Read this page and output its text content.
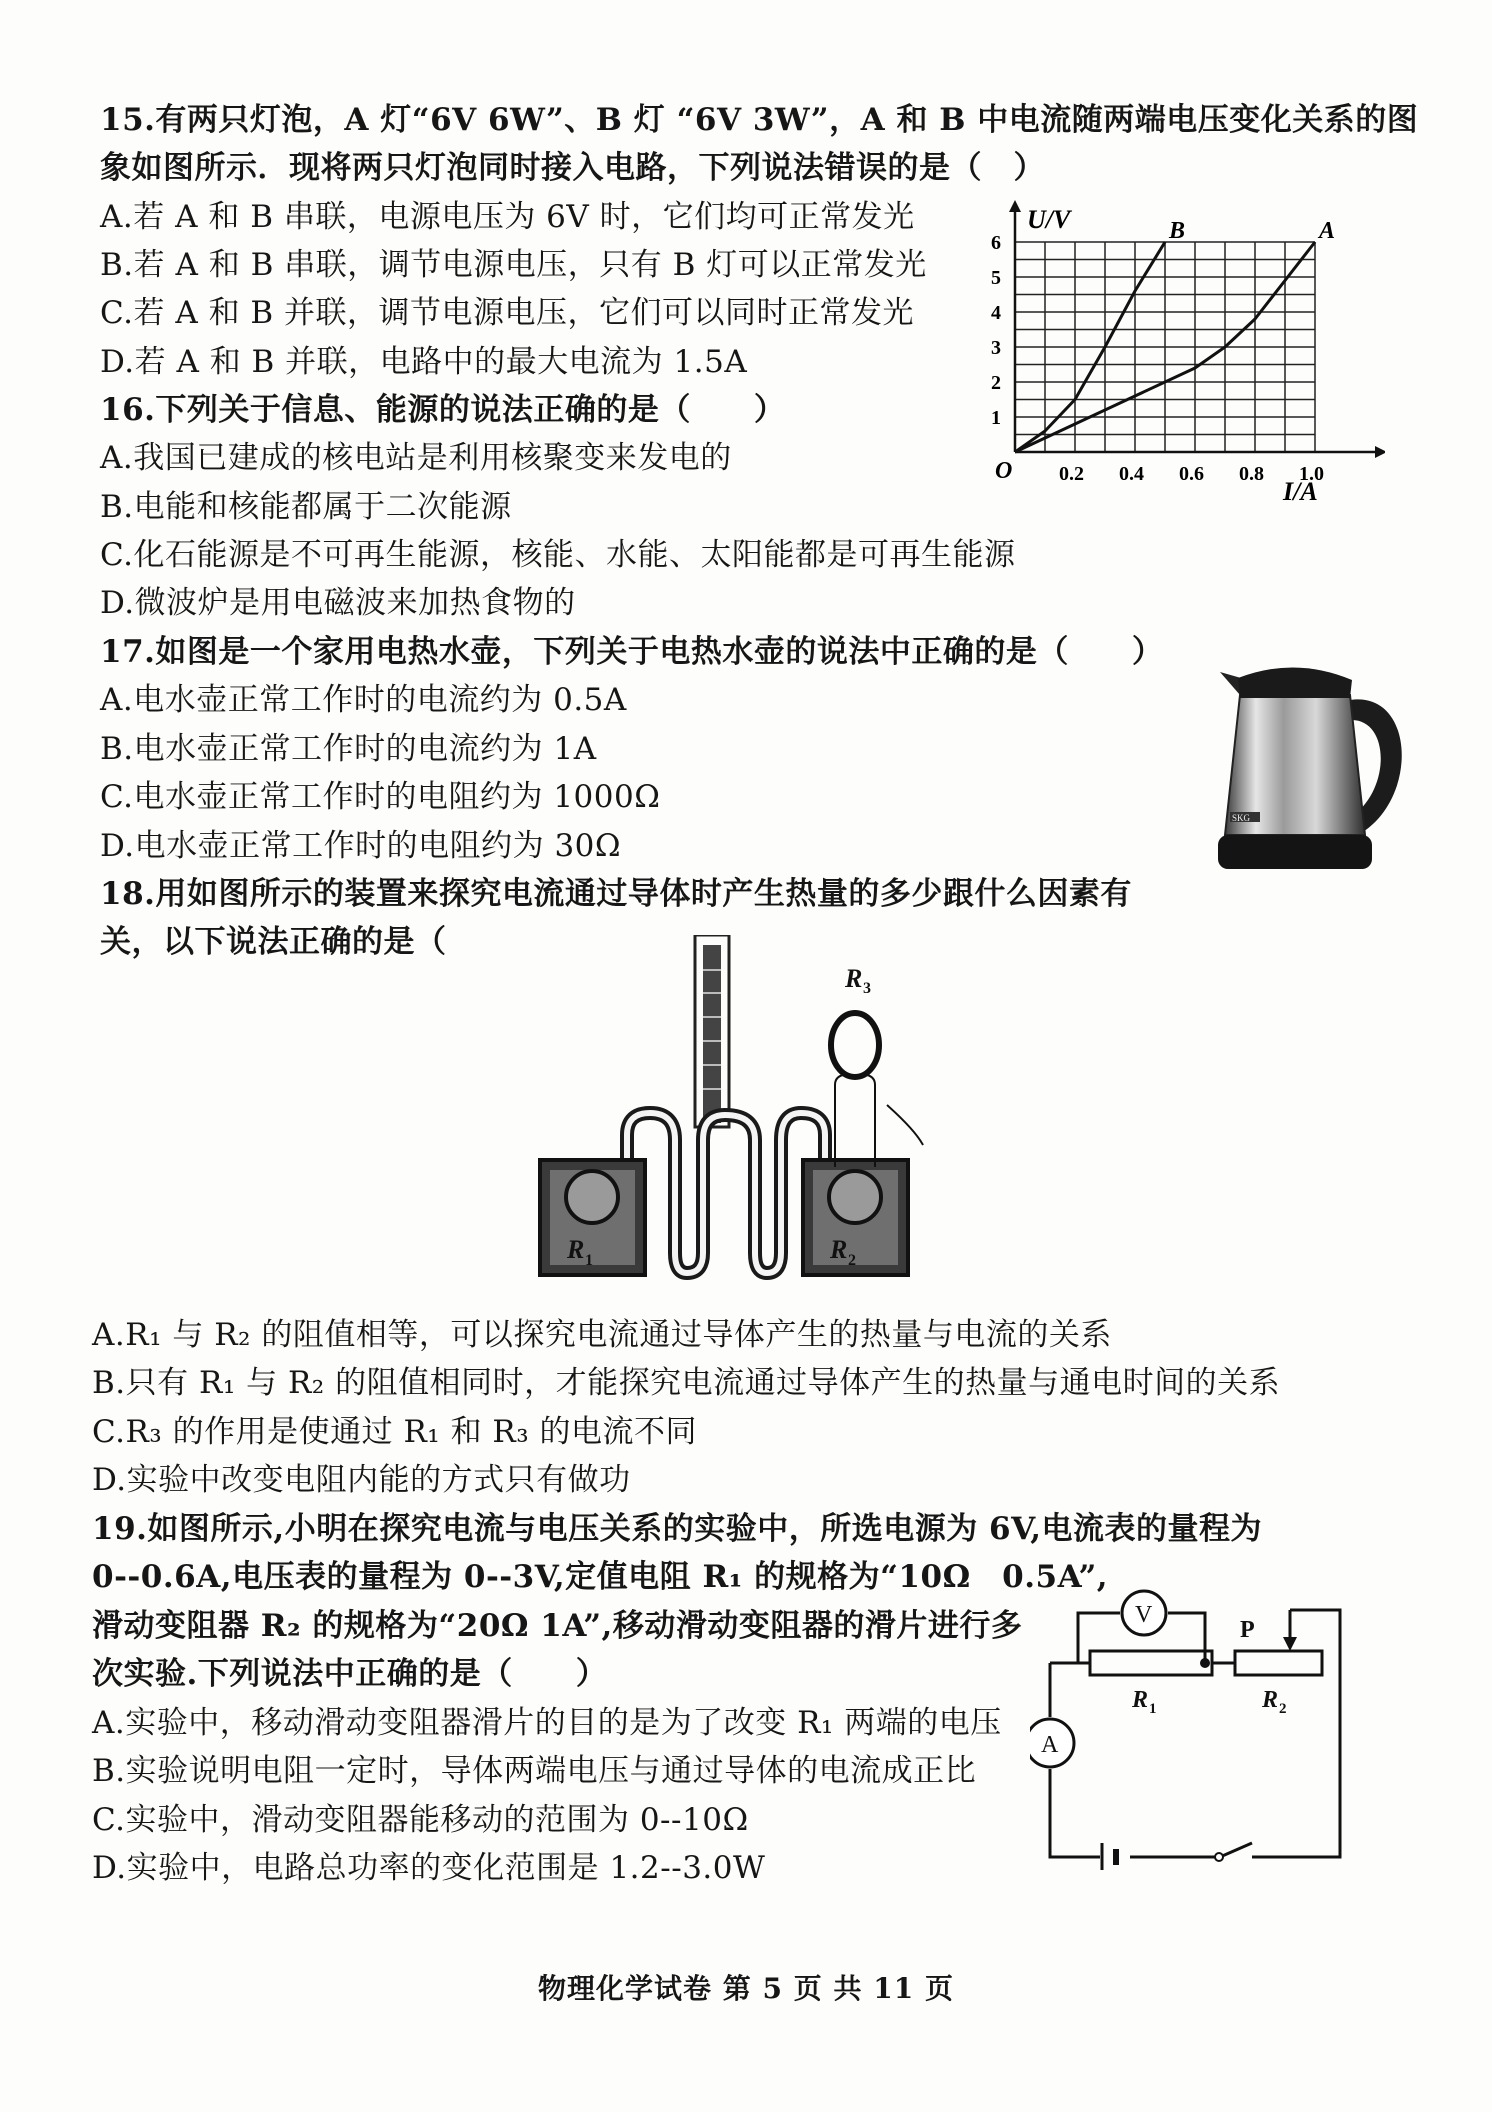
15.有两只灯泡，A 灯“6V 6W”、B 灯 “6V 3W”，A 和 B 中电流随两端电压变化关系的图
象如图所示．现将两只灯泡同时接入电路，下列说法错误的是（　）
A.若 A 和 B 串联，电源电压为 6V 时，它们均可正常发光
B.若 A 和 B 串联，调节电源电压，只有 B 灯可以正常发光
C.若 A 和 B 并联，调节电源电压，它们可以同时正常发光
D.若 A 和 B 并联，电路中的最大电流为 1.5A
U/V
I/A
O 0.2 0.4 0.6 0.8 1.0
1
2
3
4
5
6	B	A
16.下列关于信息、能源的说法正确的是（　　）
A.我国已建成的核电站是利用核聚变来发电的
B.电能和核能都属于二次能源
C.化石能源是不可再生能源，核能、水能、太阳能都是可再生能源
D.微波炉是用电磁波来加热食物的
17.如图是一个家用电热水壶，下列关于电热水壶的说法中正确的是（　　）
A.电水壶正常工作时的电流约为 0.5A
B.电水壶正常工作时的电流约为 1A
C.电水壶正常工作时的电阻约为 1000Ω
D.电水壶正常工作时的电阻约为 30Ω
SKG
18.用如图所示的装置来探究电流通过导体时产生热量的多少跟什么因素有
关，以下说法正确的是（
R 1	R 2
R 3
A.R₁ 与 R₂ 的阻值相等，可以探究电流通过导体产生的热量与电流的关系
B.只有 R₁ 与 R₂ 的阻值相同时，才能探究电流通过导体产生的热量与通电时间的关系
C.R₃ 的作用是使通过 R₁ 和 R₃ 的电流不同
D.实验中改变电阻内能的方式只有做功
19.如图所示,小明在探究电流与电压关系的实验中，所选电源为 6V,电流表的量程为
0--0.6A,电压表的量程为 0--3V,定值电阻 R₁ 的规格为“10Ω　0.5A”,
滑动变阻器 R₂ 的规格为“20Ω 1A”,移动滑动变阻器的滑片进行多
次实验.下列说法中正确的是（　　）
A.实验中，移动滑动变阻器滑片的目的是为了改变 R₁ 两端的电压
B.实验说明电阻一定时，导体两端电压与通过导体的电流成正比
C.实验中，滑动变阻器能移动的范围为 0--10Ω
D.实验中，电路总功率的变化范围是 1.2--3.0W
V
A
P
R 1	R 2
物理化学试卷 第 5 页 共 11 页
